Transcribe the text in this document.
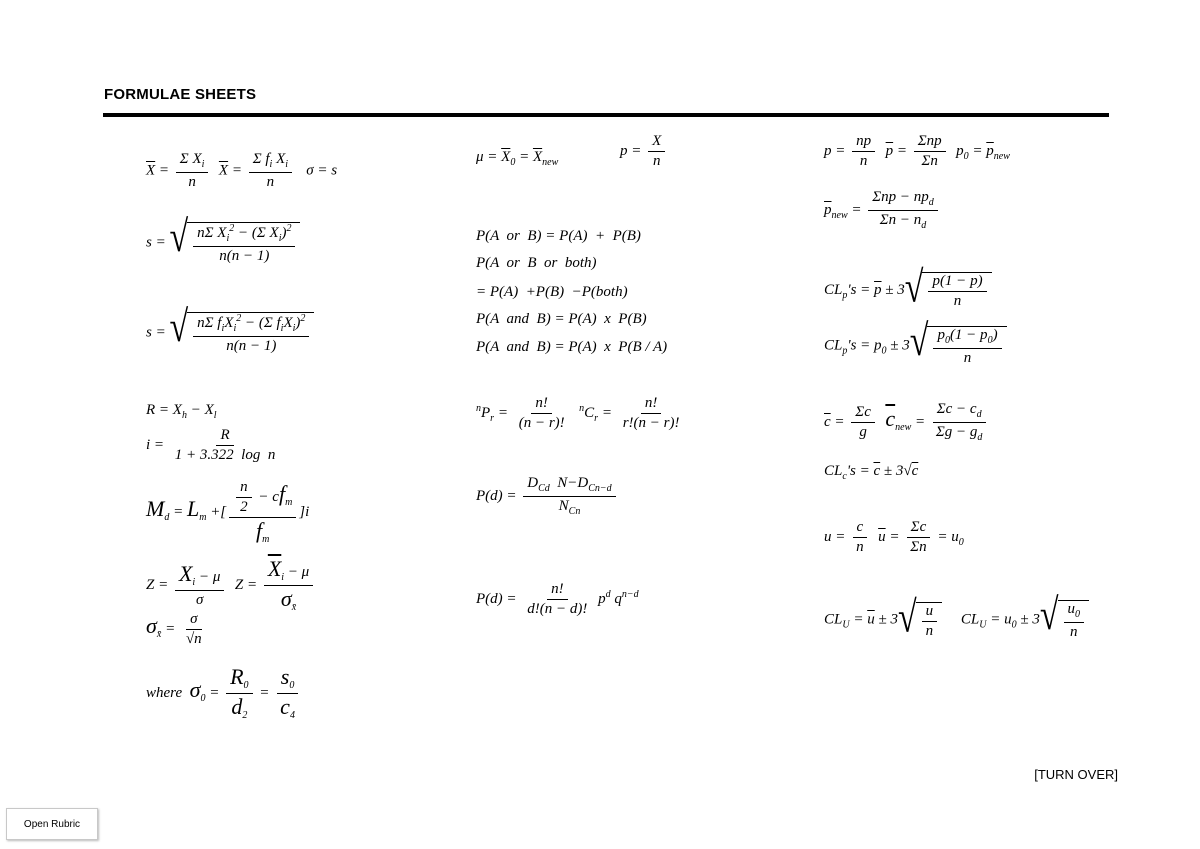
FORMULAE SHEETS
$\overline{X} = \frac{\Sigma X_i}{n} \overline{X} = \frac{\Sigma f_i X_i}{n}$ σ = s
s = √ $\frac{n\Sigma X_i^2 - (\Sigma X_i)^2}{n(n - 1)}$
s = √ $\frac{n\Sigma f_iX_i^2 - (\Sigma f_iX_i)^2}{n(n - 1)}$
$R = X_h - X_l$
$i = \frac{R}{\text{1 + 3.322  log  n}}$
$M_d = L_m$ +[ $\frac{\frac{n}{2} - cf_m}{f_m} ]i$
$Z = \frac{X_i - \mu}{\sigma}$ $Z = \frac{\overline{X}_i - \mu}{\sigma_{x̄}}$
$\sigma_{x̄} = \frac{\sigma}{√n}$
where  $\sigma_0 = \frac{R_0}{d_2} = \frac{s_0}{c_4}$
$\mu = \overline{X}_0 = \overline{X}_{new}$
$p = \frac{X}{n}$
P(A  or  B) = P(A)  +  P(B)
P(A  or  B  or  both)
= P(A)  +P(B)  −P(both)
P(A  and  B) = P(A)  x  P(B)
P(A  and  B) = P(A)  x  P(B / A)
$^nP_r = \frac{n!}{(n - r)!} ^nC_r = \frac{n!}{r!(n - r)!}$
$P(d) = \frac{D_{Cd} N-D_{Cn-d}}{N_{Cn}}$
$P(d) = \frac{n!}{d!(n - d)!} p^d$ $q^{n-d}$
$p = \frac{np}{n} \overline{p} = \frac{\text{Σnp}}{\Sigma n} p_0 = \overline{p}_{new}$
$\overline{p}_{new} = \frac{\Sigma np - np_d}{\Sigma n - n_d}$
$CL_p's = \overline{p} \pm 3$ √ $\frac{p(1 - \overline{p})}{n}$
$CL_p's = p_0 \pm 3$ √ $\frac{p_0(1 - p_0)}{n}$
$\overline{c} = \frac{\Sigma c}{g} \overline{c}_{new} = \frac{\Sigma c - c_d}{\Sigma g - g_d}$
$CL_c's = \overline{c} \pm 3√c$
$u = \frac{c}{n} \overline{u} = \frac{\Sigma c}{\Sigma n} = u_0$
$CL_U = \overline{u} \pm 3$ √ $\frac{u}{n} CL_U = u_0 \pm 3$ √ $\frac{u_0}{n}$
[TURN OVER]
Open Rubric
